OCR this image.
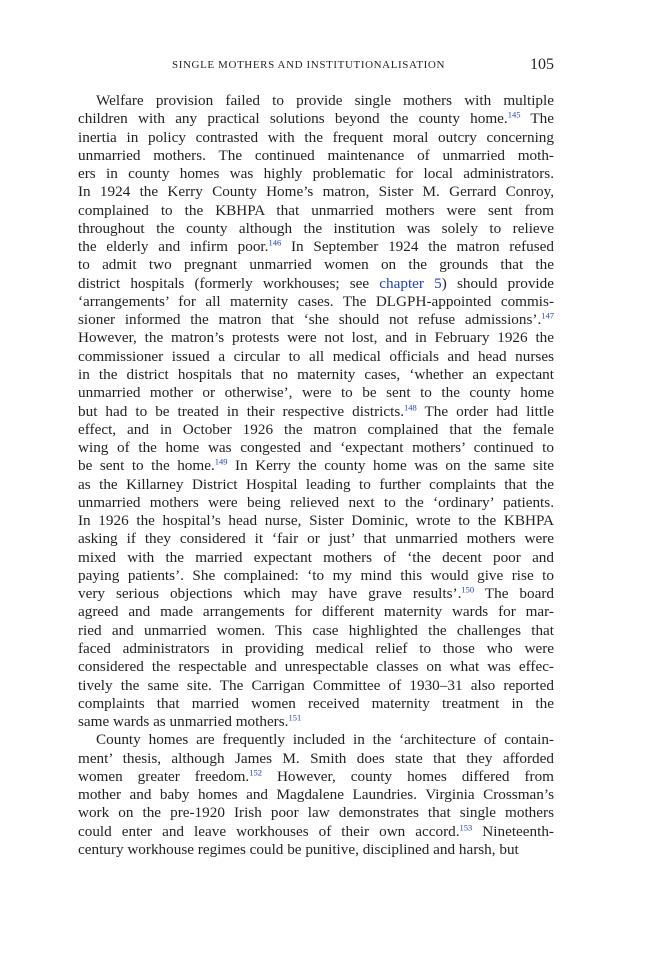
SINGLE MOTHERS AND INSTITUTIONALISATION	105
Welfare provision failed to provide single mothers with multiple
children with any practical solutions beyond the county home.$^{145}$ The
inertia in policy contrasted with the frequent moral outcry concerning
unmarried mothers. The continued maintenance of unmarried moth-
ers in county homes was highly problematic for local administrators.
In 1924 the Kerry County Home’s matron, Sister M. Gerrard Conroy,
complained to the KBHPA that unmarried mothers were sent from
throughout the county although the institution was solely to relieve
the elderly and infirm poor.$^{146}$ In September 1924 the matron refused
to admit two pregnant unmarried women on the grounds that the
district hospitals (formerly workhouses; see chapter 5) should provide
‘arrangements’ for all maternity cases. The DLGPH-appointed commis-
sioner informed the matron that ‘she should not refuse admissions’.$^{147}$
However, the matron’s protests were not lost, and in February 1926 the
commissioner issued a circular to all medical officials and head nurses
in the district hospitals that no maternity cases, ‘whether an expectant
unmarried mother or otherwise’, were to be sent to the county home
but had to be treated in their respective districts.$^{148}$ The order had little
effect, and in October 1926 the matron complained that the female
wing of the home was congested and ‘expectant mothers’ continued to
be sent to the home.$^{149}$ In Kerry the county home was on the same site
as the Killarney District Hospital leading to further complaints that the
unmarried mothers were being relieved next to the ‘ordinary’ patients.
In 1926 the hospital’s head nurse, Sister Dominic, wrote to the KBHPA
asking if they considered it ‘fair or just’ that unmarried mothers were
mixed with the married expectant mothers of ‘the decent poor and
paying patients’. She complained: ‘to my mind this would give rise to
very serious objections which may have grave results’.$^{150}$ The board
agreed and made arrangements for different maternity wards for mar-
ried and unmarried women. This case highlighted the challenges that
faced administrators in providing medical relief to those who were
considered the respectable and unrespectable classes on what was effec-
tively the same site. The Carrigan Committee of 1930–31 also reported
complaints that married women received maternity treatment in the
same wards as unmarried mothers.$^{151}$
County homes are frequently included in the ‘architecture of contain-
ment’ thesis, although James M. Smith does state that they afforded
women greater freedom.$^{152}$ However, county homes differed from
mother and baby homes and Magdalene Laundries. Virginia Crossman’s
work on the pre-1920 Irish poor law demonstrates that single mothers
could enter and leave workhouses of their own accord.$^{153}$ Nineteenth-
century workhouse regimes could be punitive, disciplined and harsh, but
